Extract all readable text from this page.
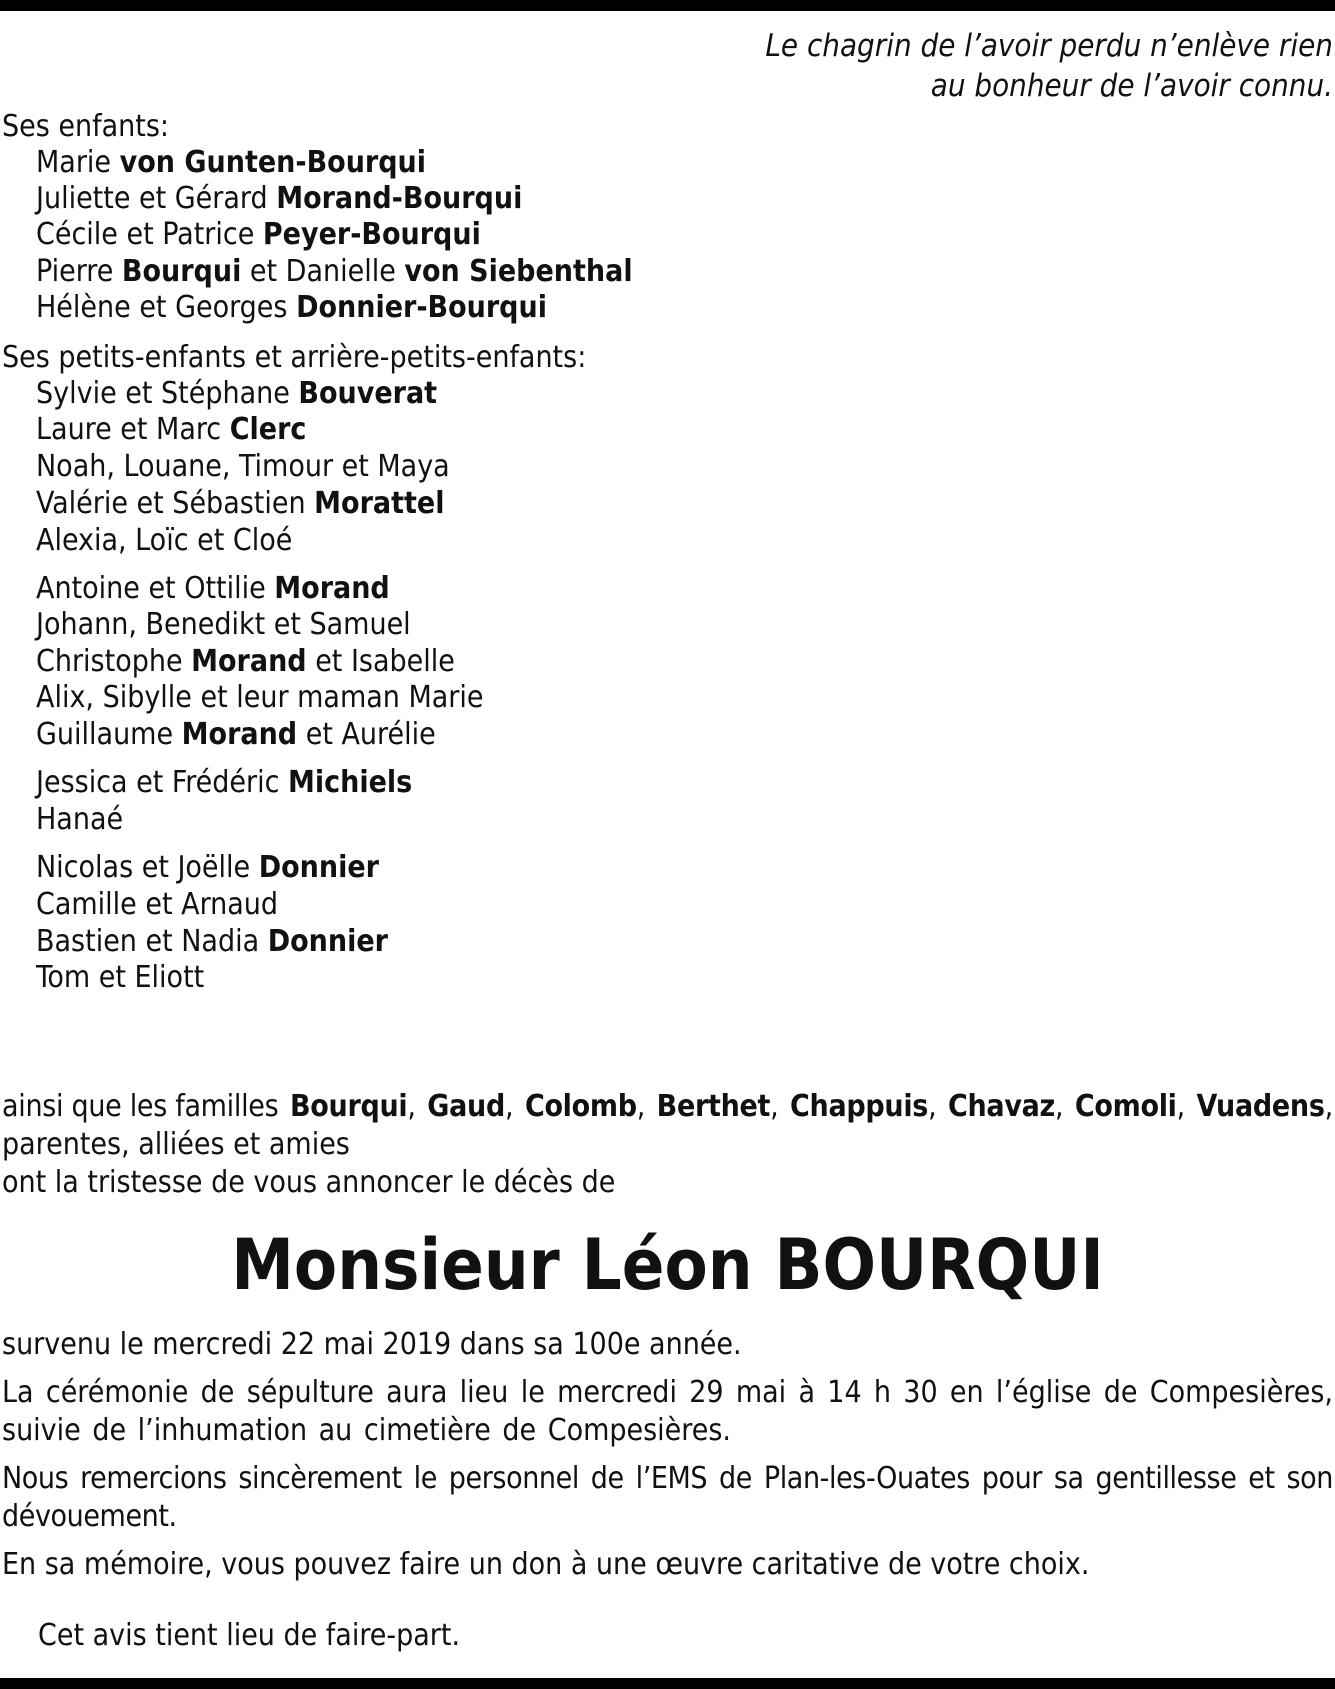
Le chagrin de l’avoir perdu n’enlève rien
au bonheur de l’avoir connu.
Ses enfants:
Marie von Gunten-Bourqui
Juliette et Gérard Morand-Bourqui
Cécile et Patrice Peyer-Bourqui
Pierre Bourqui et Danielle von Siebenthal
Hélène et Georges Donnier-Bourqui
Ses petits-enfants et arrière-petits-enfants:
Sylvie et Stéphane Bouverat
Laure et Marc Clerc
Noah, Louane, Timour et Maya
Valérie et Sébastien Morattel
Alexia, Loïc et Cloé
Antoine et Ottilie Morand
Johann, Benedikt et Samuel
Christophe Morand et Isabelle
Alix, Sibylle et leur maman Marie
Guillaume Morand et Aurélie
Jessica et Frédéric Michiels
Hanaé
Nicolas et Joëlle Donnier
Camille et Arnaud
Bastien et Nadia Donnier
Tom et Eliott
ainsi que les familles Bourqui, Gaud, Colomb, Berthet, Chappuis, Chavaz, Comoli, Vuadens,
parentes, alliées et amies
ont la tristesse de vous annoncer le décès de
Monsieur Léon BOURQUI
survenu le mercredi 22 mai 2019 dans sa 100e année.
La cérémonie de sépulture aura lieu le mercredi 29 mai à 14 h 30 en l’église de Compesières, suivie de l’inhumation au cimetière de Compesières.
Nous remercions sincèrement le personnel de l’EMS de Plan-les-Ouates pour sa gentillesse et son dévouement.
En sa mémoire, vous pouvez faire un don à une œuvre caritative de votre choix.
Cet avis tient lieu de faire-part.
